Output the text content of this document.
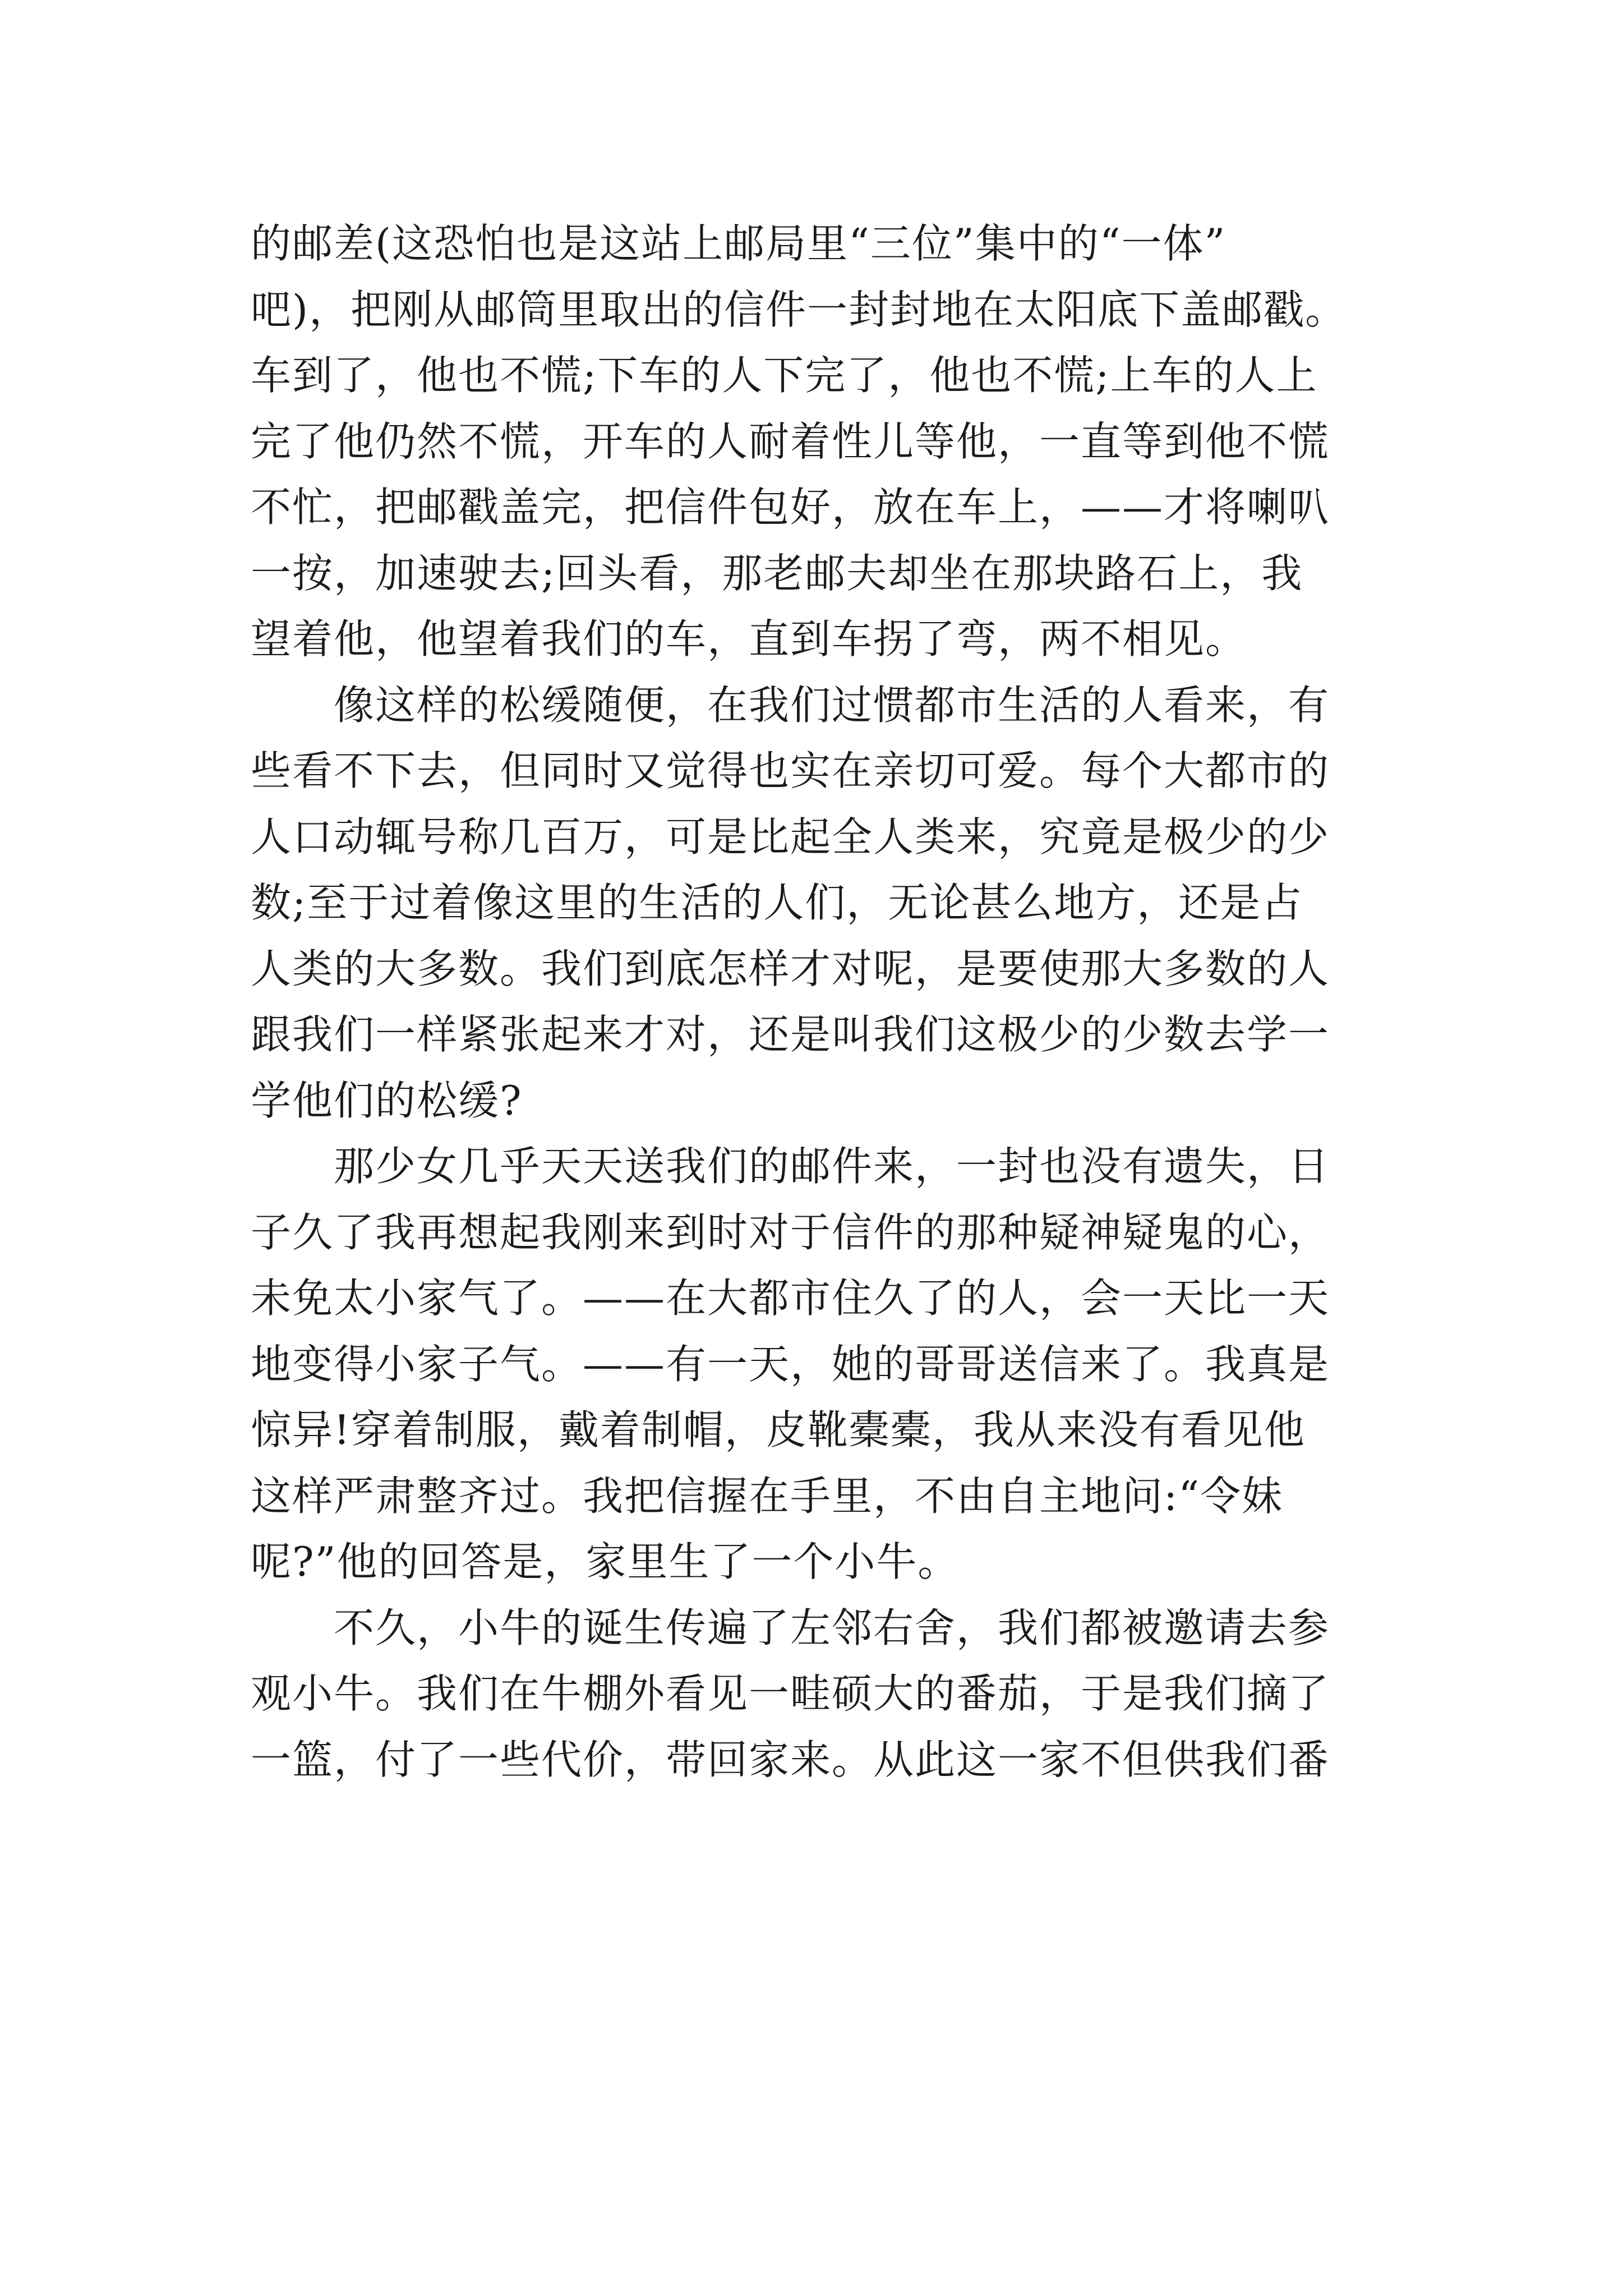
的邮差(这恐怕也是这站上邮局里“三位”集中的“一体”
吧)，把刚从邮筒里取出的信件一封封地在太阳底下盖邮戳。
车到了，他也不慌;下车的人下完了，他也不慌;上车的人上
完了他仍然不慌，开车的人耐着性儿等他，一直等到他不慌
不忙，把邮戳盖完，把信件包好，放在车上，——才将喇叭
一按，加速驶去;回头看，那老邮夫却坐在那块路石上，我
望着他，他望着我们的车，直到车拐了弯，两不相见。
像这样的松缓随便，在我们过惯都市生活的人看来，有
些看不下去，但同时又觉得也实在亲切可爱。每个大都市的
人口动辄号称几百万，可是比起全人类来，究竟是极少的少
数;至于过着像这里的生活的人们，无论甚么地方，还是占
人类的大多数。我们到底怎样才对呢，是要使那大多数的人
跟我们一样紧张起来才对，还是叫我们这极少的少数去学一
学他们的松缓?
那少女几乎天天送我们的邮件来，一封也没有遗失，日
子久了我再想起我刚来到时对于信件的那种疑神疑鬼的心，
未免太小家气了。——在大都市住久了的人，会一天比一天
地变得小家子气。——有一天，她的哥哥送信来了。我真是
惊异!穿着制服，戴着制帽，皮靴橐橐，我从来没有看见他
这样严肃整齐过。我把信握在手里，不由自主地问:“令妹
呢?”他的回答是，家里生了一个小牛。
不久，小牛的诞生传遍了左邻右舍，我们都被邀请去参
观小牛。我们在牛棚外看见一畦硕大的番茄，于是我们摘了
一篮，付了一些代价，带回家来。从此这一家不但供我们番
